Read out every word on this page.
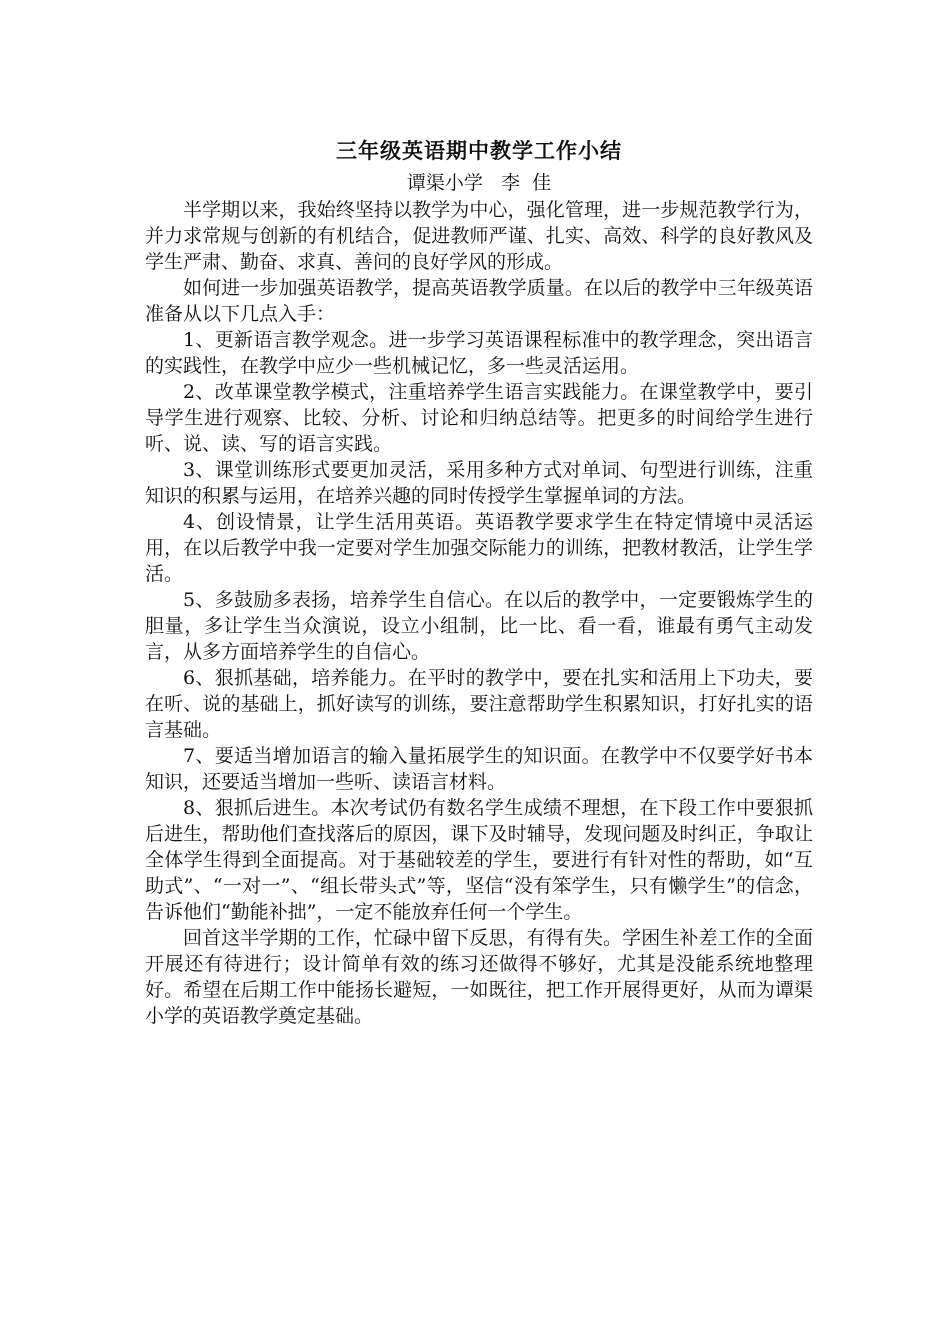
三年级英语期中教学工作小结

谭渠小学   李  佳

半学期以来，我始终坚持以教学为中心，强化管理，进一步规范教学行为，并力求常规与创新的有机结合，促进教师严谨、扎实、高效、科学的良好教风及学生严肃、勤奋、求真、善问的良好学风的形成。

如何进一步加强英语教学，提高英语教学质量。在以后的教学中三年级英语准备从以下几点入手：

1、更新语言教学观念。进一步学习英语课程标准中的教学理念，突出语言的实践性，在教学中应少一些机械记忆，多一些灵活运用。

2、改革课堂教学模式，注重培养学生语言实践能力。在课堂教学中，要引导学生进行观察、比较、分析、讨论和归纳总结等。把更多的时间给学生进行听、说、读、写的语言实践。

3、课堂训练形式要更加灵活，采用多种方式对单词、句型进行训练，注重知识的积累与运用，在培养兴趣的同时传授学生掌握单词的方法。

4、创设情景，让学生活用英语。英语教学要求学生在特定情境中灵活运用，在以后教学中我一定要对学生加强交际能力的训练，把教材教活，让学生学活。

5、多鼓励多表扬，培养学生自信心。在以后的教学中，一定要锻炼学生的胆量，多让学生当众演说，设立小组制，比一比、看一看，谁最有勇气主动发言，从多方面培养学生的自信心。

6、狠抓基础，培养能力。在平时的教学中，要在扎实和活用上下功夫，要在听、说的基础上，抓好读写的训练，要注意帮助学生积累知识，打好扎实的语言基础。

7、要适当增加语言的输入量拓展学生的知识面。在教学中不仅要学好书本知识，还要适当增加一些听、读语言材料。

8、狠抓后进生。本次考试仍有数名学生成绩不理想，在下段工作中要狠抓后进生，帮助他们查找落后的原因，课下及时辅导，发现问题及时纠正，争取让全体学生得到全面提高。对于基础较差的学生，要进行有针对性的帮助，如“互助式”、“一对一”、“组长带头式”等，坚信“没有笨学生，只有懒学生”的信念，告诉他们“勤能补拙”，一定不能放弃任何一个学生。

回首这半学期的工作，忙碌中留下反思，有得有失。学困生补差工作的全面开展还有待进行；设计简单有效的练习还做得不够好，尤其是没能系统地整理好。希望在后期工作中能扬长避短，一如既往，把工作开展得更好，从而为谭渠小学的英语教学奠定基础。
